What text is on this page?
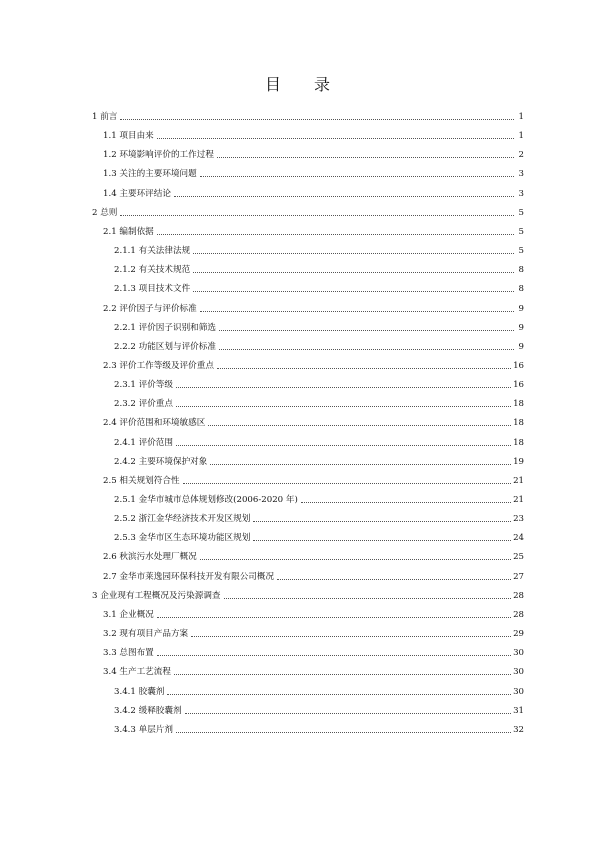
目 录
1 前言	1
1.1 项目由来	1
1.2 环境影响评价的工作过程	2
1.3 关注的主要环境问题	3
1.4 主要环评结论	3
2 总则	5
2.1 编制依据	5
2.1.1 有关法律法规	5
2.1.2 有关技术规范	8
2.1.3 项目技术文件	8
2.2 评价因子与评价标准	9
2.2.1 评价因子识别和筛选	9
2.2.2 功能区划与评价标准	9
2.3 评价工作等级及评价重点	16
2.3.1 评价等级	16
2.3.2 评价重点	18
2.4 评价范围和环境敏感区	18
2.4.1 评价范围	18
2.4.2 主要环境保护对象	19
2.5 相关规划符合性	21
2.5.1 金华市城市总体规划修改(2006-2020 年)	21
2.5.2 浙江金华经济技术开发区规划	23
2.5.3 金华市区生态环境功能区规划	24
2.6 秋滨污水处理厂概况	25
2.7 金华市莱逸园环保科技开发有限公司概况	27
3 企业现有工程概况及污染源调查	28
3.1 企业概况	28
3.2 现有项目产品方案	29
3.3 总图布置	30
3.4 生产工艺流程	30
3.4.1 胶囊剂	30
3.4.2 缓释胶囊剂	31
3.4.3 单层片剂	32
